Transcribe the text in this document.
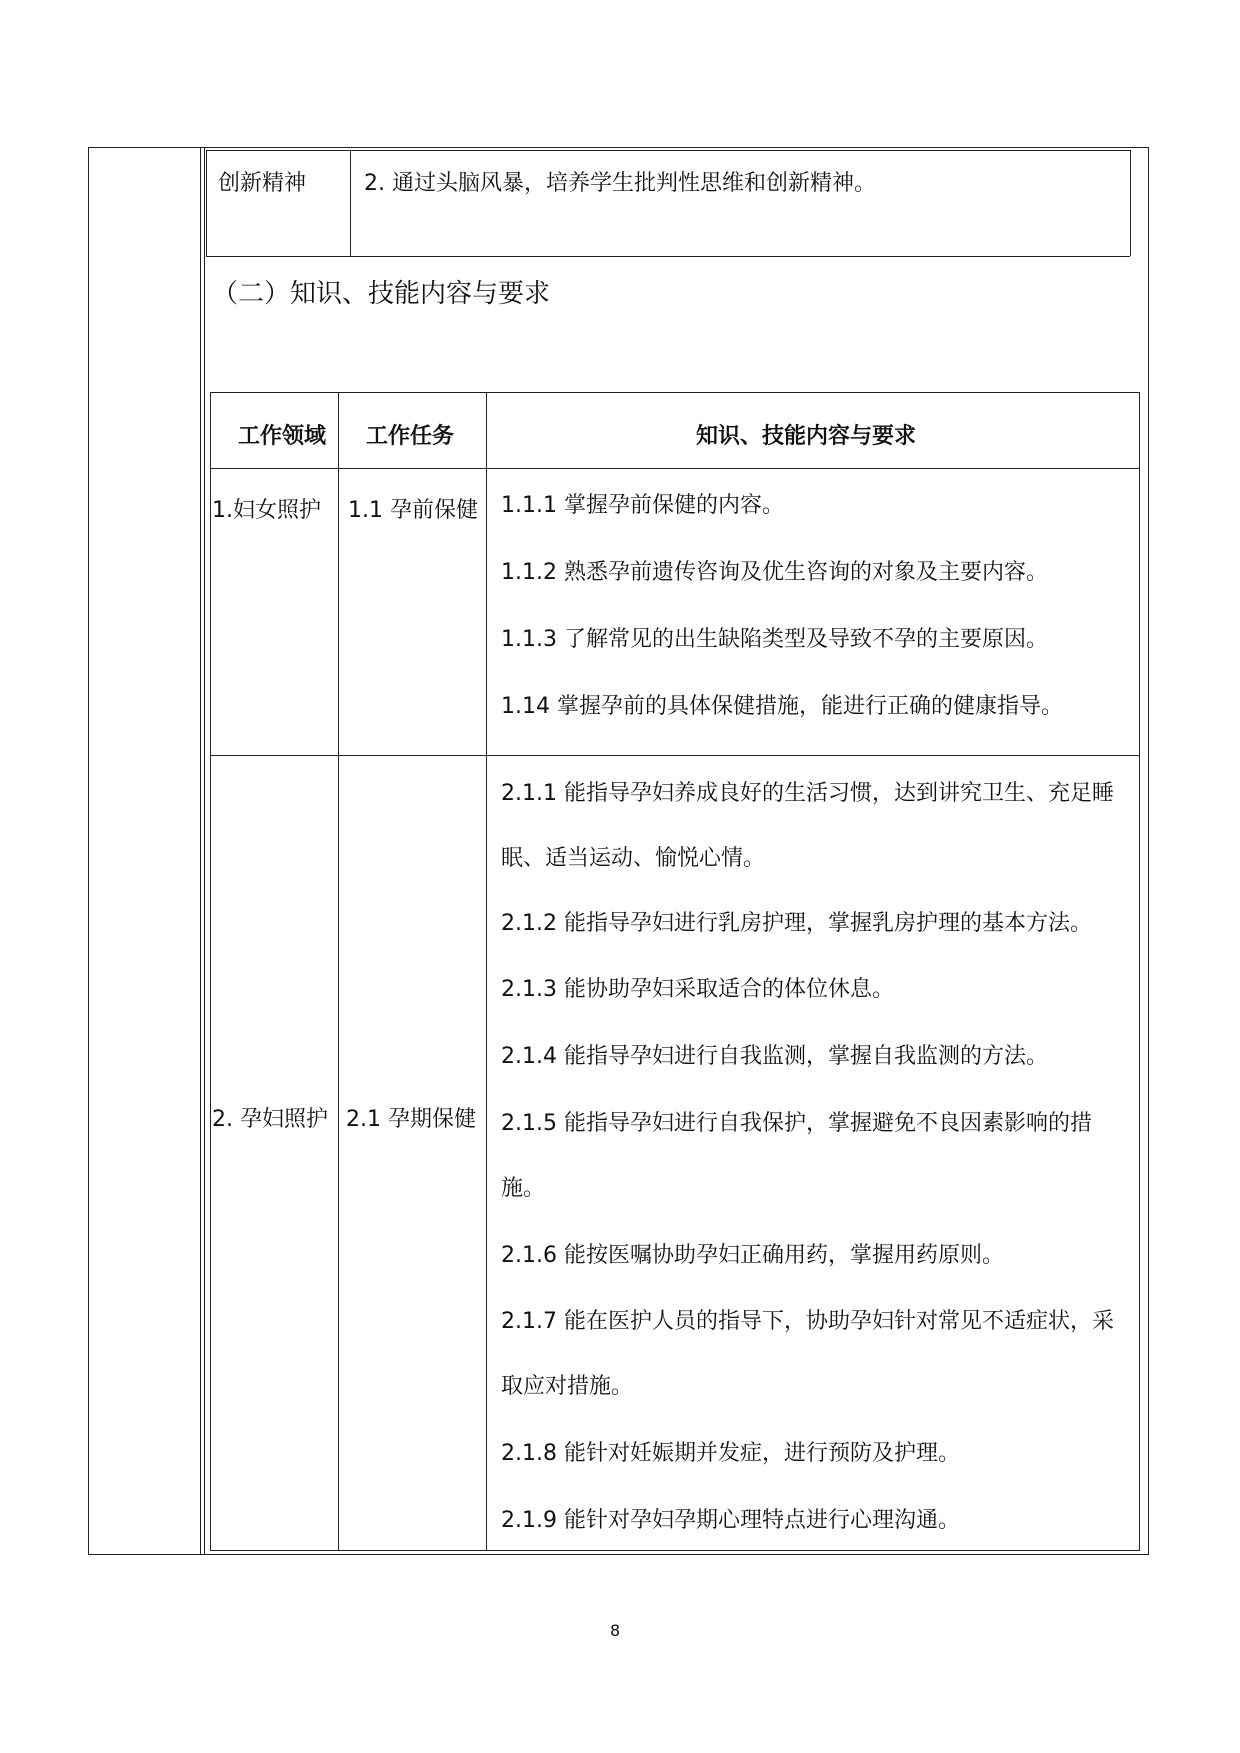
创新精神	2. 通过头脑风暴，培养学生批判性思维和创新精神。
（二）知识、技能内容与要求
工作领域 工作任务	知识、技能内容与要求
1.妇女照护 1.1 孕前保健 1.1.1 掌握孕前保健的内容。
1.1.2 熟悉孕前遗传咨询及优生咨询的对象及主要内容。
1.1.3 了解常见的出生缺陷类型及导致不孕的主要原因。
1.14 掌握孕前的具体保健措施，能进行正确的健康指导。
2. 孕妇照护 2.1 孕期保健
2.1.1 能指导孕妇养成良好的生活习惯，达到讲究卫生、充足睡
眠、适当运动、愉悦心情。
2.1.2 能指导孕妇进行乳房护理，掌握乳房护理的基本方法。
2.1.3 能协助孕妇采取适合的体位休息。
2.1.4 能指导孕妇进行自我监测，掌握自我监测的方法。
2.1.5 能指导孕妇进行自我保护，掌握避免不良因素影响的措
施。
2.1.6 能按医嘱协助孕妇正确用药，掌握用药原则。
2.1.7 能在医护人员的指导下，协助孕妇针对常见不适症状，采
取应对措施。
2.1.8 能针对妊娠期并发症，进行预防及护理。
2.1.9 能针对孕妇孕期心理特点进行心理沟通。
8
